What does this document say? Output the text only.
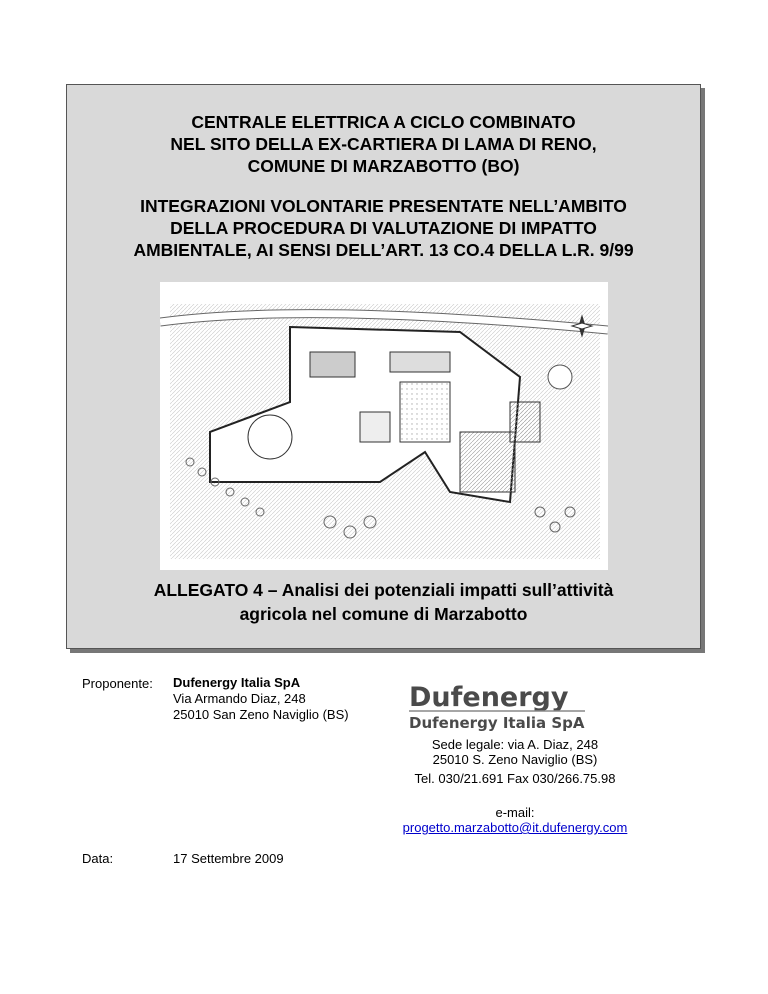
CENTRALE ELETTRICA A CICLO COMBINATO
NEL SITO DELLA EX-CARTIERA DI LAMA DI RENO,
COMUNE DI MARZABOTTO (BO)
INTEGRAZIONI VOLONTARIE PRESENTATE NELL’AMBITO
DELLA PROCEDURA DI VALUTAZIONE DI IMPATTO
AMBIENTALE, AI SENSI DELL’ART. 13 CO.4 DELLA L.R. 9/99
ALLEGATO 4 – Analisi dei potenziali impatti sull’attività
agricola nel comune di Marzabotto
Proponente: Dufenergy Italia SpA
Via Armando Diaz, 248
25010 San Zeno Naviglio (BS)
Dufenergy
Dufenergy Italia SpA
Sede legale: via A. Diaz, 248
25010 S. Zeno Naviglio (BS)
Tel. 030/21.691 Fax 030/266.75.98
e-mail:
progetto.marzabotto@it.dufenergy.com
Data:	17 Settembre 2009
